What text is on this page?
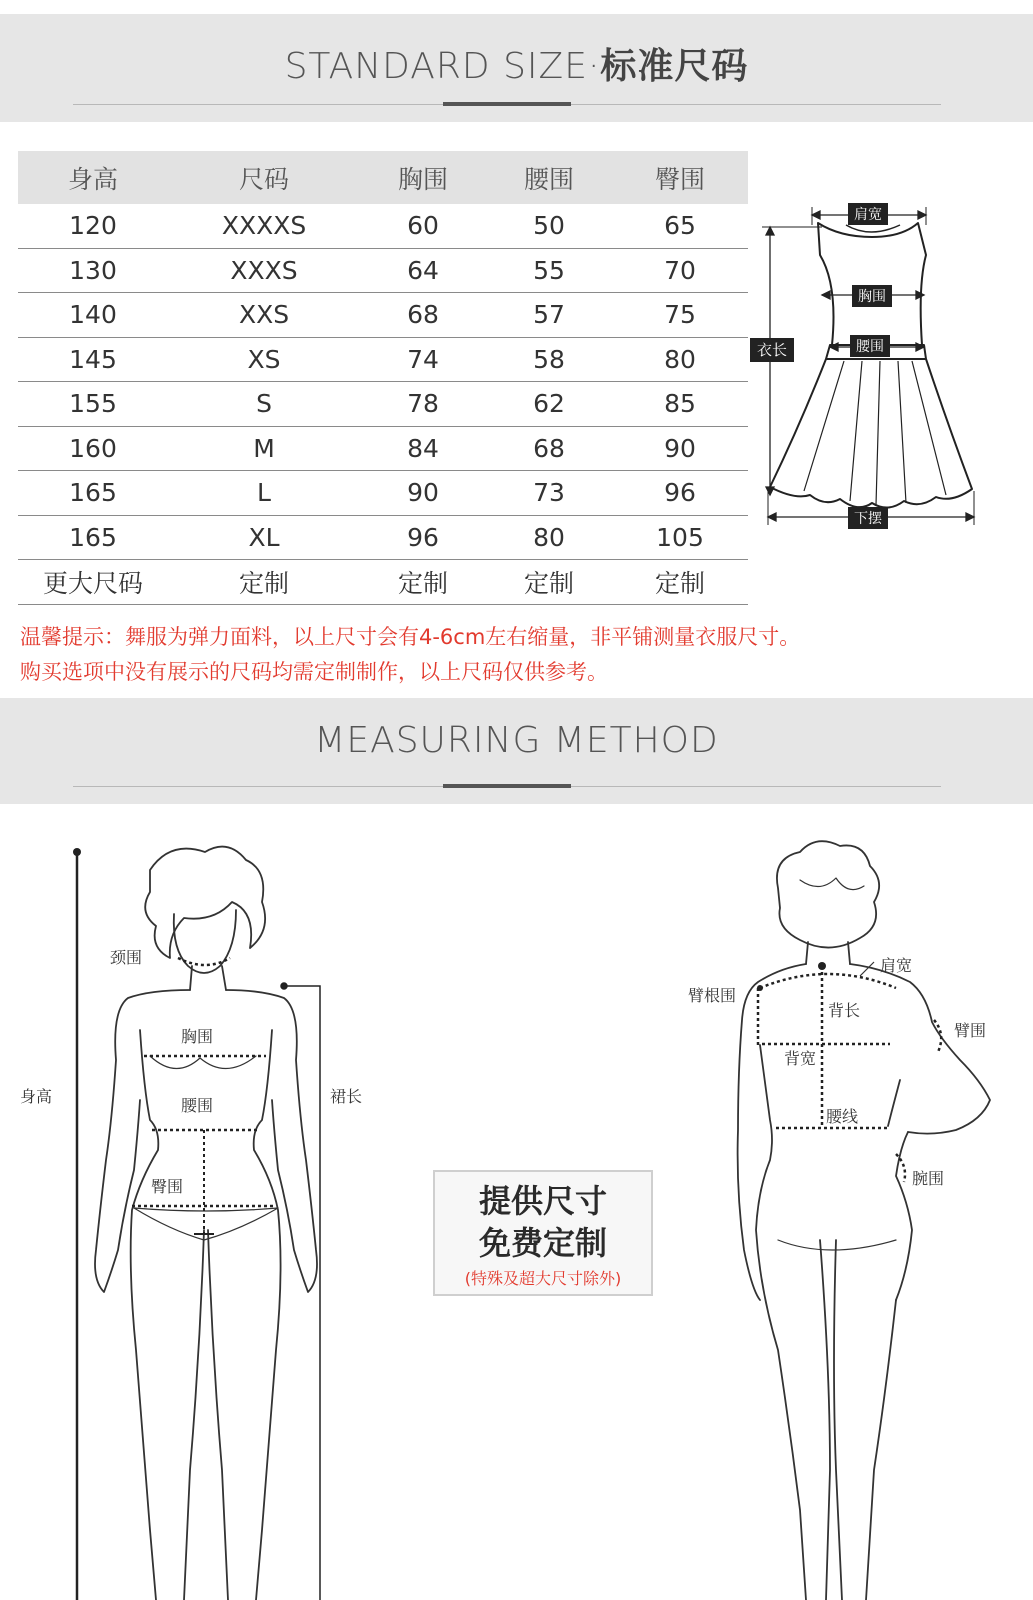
STANDARD SIZE·标准尺码
身高	尺码	胸围	腰围	臀围
120	XXXXS	60	50	65
130	XXXS	64	55	70
140	XXS	68	57	75
145	XS	74	58	80
155	S	78	62	85
160	M	84	68	90
165	L	90	73	96
165	XL	96	80	105
更大尺码	定制	定制	定制	定制
肩宽
胸围
腰围
衣长
下摆
温馨提示：舞服为弹力面料，以上尺寸会有4-6cm左右缩量，非平铺测量衣服尺寸。
购买选项中没有展示的尺码均需定制制作，以上尺码仅供参考。
MEASURING METHOD
身高
颈围
胸围
腰围
臀围
裙长
提供尺寸
免费定制
(特殊及超大尺寸除外)
臂根围
肩宽
背长
臂围
背宽
腰线
腕围
